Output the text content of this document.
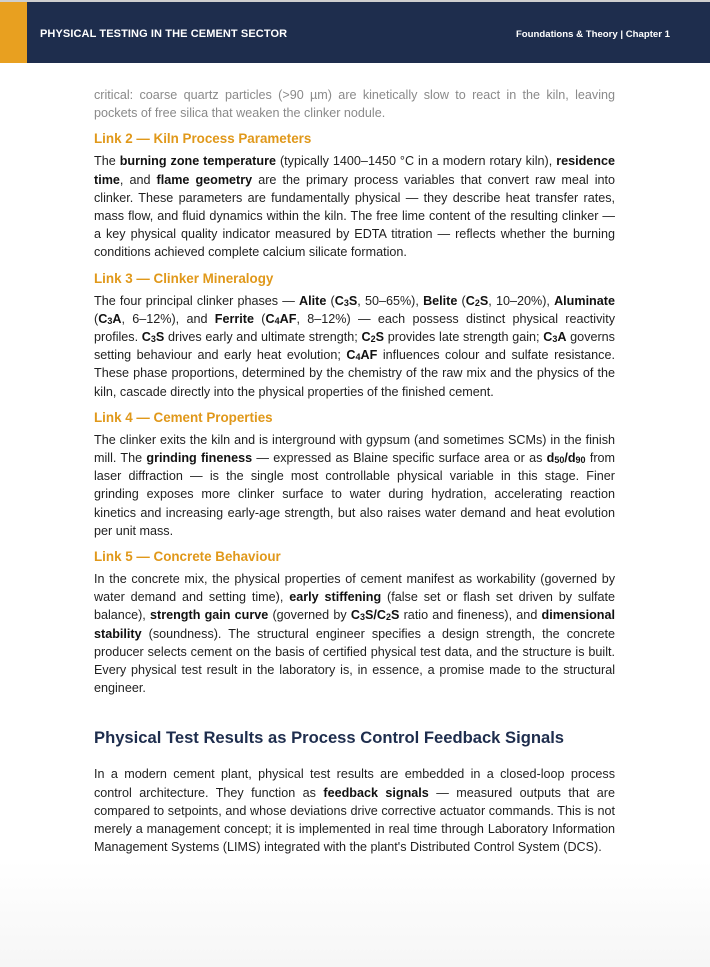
PHYSICAL TESTING IN THE CEMENT SECTOR	Foundations & Theory | Chapter 1

critical: coarse quartz particles (>90 µm) are kinetically slow to react in the kiln, leaving pockets of free silica that weaken the clinker nodule.

Link 2 — Kiln Process Parameters

The burning zone temperature (typically 1400–1450 °C in a modern rotary kiln), residence time, and flame geometry are the primary process variables that convert raw meal into clinker. These parameters are fundamentally physical — they describe heat transfer rates, mass flow, and fluid dynamics within the kiln. The free lime content of the resulting clinker — a key physical quality indicator measured by EDTA titration — reflects whether the burning conditions achieved complete calcium silicate formation.

Link 3 — Clinker Mineralogy

The four principal clinker phases — Alite ($C_3S$, 50–65%), Belite ($C_2S$, 10–20%), Aluminate ($C_3A$, 6–12%), and Ferrite ($C_4AF$, 8–12%) — each possess distinct physical reactivity profiles. $C_3S$ drives early and ultimate strength; $C_2S$ provides late strength gain; $C_3A$ governs setting behaviour and early heat evolution; $C_4AF$ influences colour and sulfate resistance. These phase proportions, determined by the chemistry of the raw mix and the physics of the kiln, cascade directly into the physical properties of the finished cement.

Link 4 — Cement Properties

The clinker exits the kiln and is interground with gypsum (and sometimes SCMs) in the finish mill. The grinding fineness — expressed as Blaine specific surface area or as $d_{50}/d_{90}$ from laser diffraction — is the single most controllable physical variable in this stage. Finer grinding exposes more clinker surface to water during hydration, accelerating reaction kinetics and increasing early-age strength, but also raises water demand and heat evolution per unit mass.

Link 5 — Concrete Behaviour

In the concrete mix, the physical properties of cement manifest as workability (governed by water demand and setting time), early stiffening (false set or flash set driven by sulfate balance), strength gain curve (governed by $C_3S/C_2S$ ratio and fineness), and dimensional stability (soundness). The structural engineer specifies a design strength, the concrete producer selects cement on the basis of certified physical test data, and the structure is built. Every physical test result in the laboratory is, in essence, a promise made to the structural engineer.

Physical Test Results as Process Control Feedback Signals

In a modern cement plant, physical test results are embedded in a closed-loop process control architecture. They function as feedback signals — measured outputs that are compared to setpoints, and whose deviations drive corrective actuator commands. This is not merely a management concept; it is implemented in real time through Laboratory Information Management Systems (LIMS) integrated with the plant's Distributed Control System (DCS).
